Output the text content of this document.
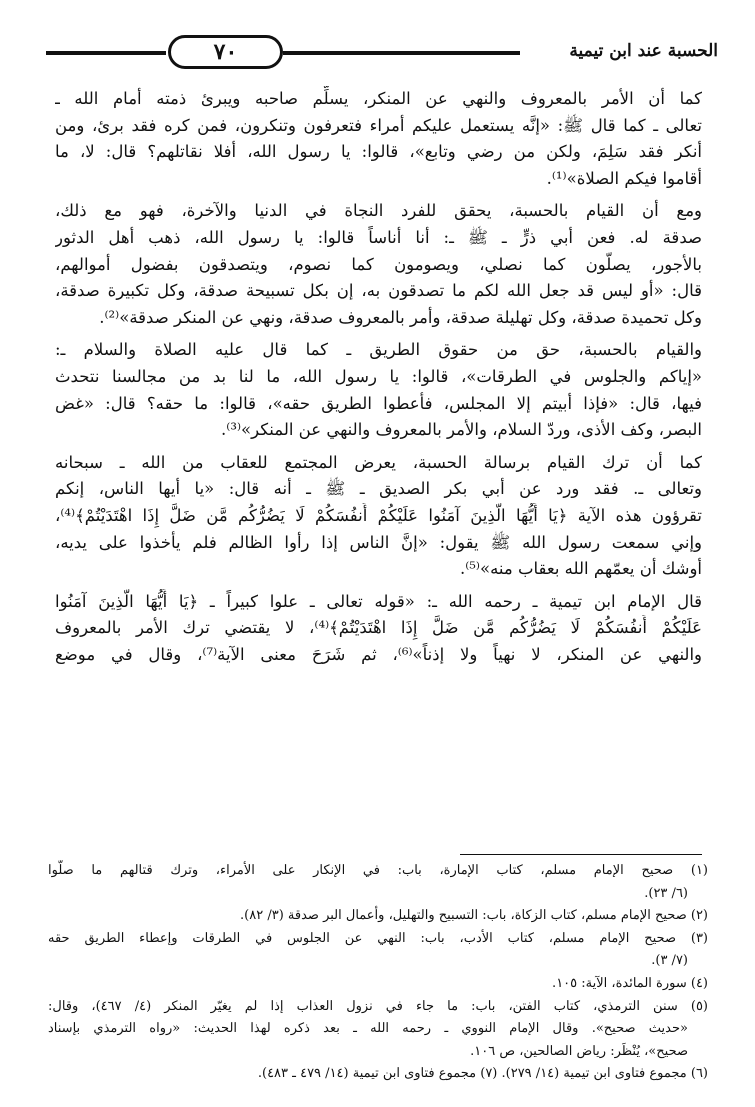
٧٠	الحسبة عند ابن تيمية
كما أن الأمر بالمعروف والنهي عن المنكر، يسلِّم صاحبه ويبرئ ذمته أمام الله ـ
تعالى ـ كما قال ﷺ: «إنَّه يستعمل عليكم أمراء فتعرفون وتنكرون، فمن كره فقد برئ، ومن
أنكر فقد سَلِمَ، ولكن من رضي وتابع»، قالوا: يا رسول الله، أفلا نقاتلهم؟ قال: لا، ما
أقاموا فيكم الصلاة»⁽¹⁾.
ومع أن القيام بالحسبة، يحقق للفرد النجاة في الدنيا والآخرة، فهو مع ذلك،
صدقة له. فعن أبي ذرٍّ ـ ﷺ ـ: أنا أناساً قالوا: يا رسول الله، ذهب أهل الدثور
بالأجور، يصلُّون كما نصلي، ويصومون كما نصوم، ويتصدقون بفضول أموالهم،
قال: «أو ليس قد جعل الله لكم ما تصدقون به، إن بكل تسبيحة صدقة، وكل تكبيرة صدقة،
وكل تحميدة صدقة، وكل تهليلة صدقة، وأمر بالمعروف صدقة، ونهي عن المنكر صدقة»⁽²⁾.
والقيام بالحسبة، حق من حقوق الطريق ـ كما قال عليه الصلاة والسلام ـ:
«إياكم والجلوس في الطرقات»، قالوا: يا رسول الله، ما لنا بد من مجالسنا نتحدث
فيها، قال: «فإذا أبيتم إلا المجلس، فأعطوا الطريق حقه»، قالوا: ما حقه؟ قال: «غض
البصر، وكف الأذى، وردّ السلام، والأمر بالمعروف والنهي عن المنكر»⁽³⁾.
كما أن ترك القيام برسالة الحسبة، يعرض المجتمع للعقاب من الله ـ سبحانه
وتعالى ـ. فقد ورد عن أبي بكر الصديق ـ ﷺ ـ أنه قال: «يا أيها الناس، إنكم
تقرؤون هذه الآية ﴿يَا أَيُّهَا الَّذِينَ آمَنُوا عَلَيْكُمْ أَنفُسَكُمْ لَا يَضُرُّكُم مَّن ضَلَّ إِذَا اهْتَدَيْتُمْ﴾⁽⁴⁾،
وإني سمعت رسول الله ﷺ يقول: «إنَّ الناس إذا رأوا الظالم فلم يأخذوا على يديه،
أوشك أن يعمّهم الله بعقاب منه»⁽⁵⁾.
قال الإمام ابن تيمية ـ رحمه الله ـ: «قوله تعالى ـ علوا كبيراً ـ ﴿يَا أَيُّهَا الَّذِينَ آمَنُوا
عَلَيْكُمْ أَنفُسَكُمْ لَا يَضُرُّكُم مَّن ضَلَّ إِذَا اهْتَدَيْتُمْ﴾⁽⁴⁾، لا يقتضي ترك الأمر بالمعروف
والنهي عن المنكر، لا نهياً ولا إذناً»⁽⁶⁾، ثم شَرَحَ معنى الآية⁽⁷⁾، وقال في موضع
(١) صحيح الإمام مسلم، كتاب الإمارة، باب: في الإنكار على الأمراء، وترك قتالهم ما صلُّوا
(٦/ ٢٣).
(٢) صحيح الإمام مسلم، كتاب الزكاة، باب: التسبيح والتهليل، وأعمال البر صدقة (٣/ ٨٢).
(٣) صحيح الإمام مسلم، كتاب الأدب، باب: النهي عن الجلوس في الطرقات وإعطاء الطريق حقه
(٧/ ٣).
(٤) سورة المائدة، الآية: ١٠٥.
(٥) سنن الترمذي، كتاب الفتن، باب: ما جاء في نزول العذاب إذا لم يغيّر المنكر (٤/ ٤٦٧)، وقال:
«حديث صحيح». وقال الإمام النووي ـ رحمه الله ـ بعد ذكره لهذا الحديث: «رواه الترمذي بإسناد
صحيح»، يُنْظَر: رياض الصالحين، ص ١٠٦.
(٦) مجموع فتاوى ابن تيمية (١٤/ ٢٧٩). (٧) مجموع فتاوى ابن تيمية (١٤/ ٤٧٩ ـ ٤٨٣).
